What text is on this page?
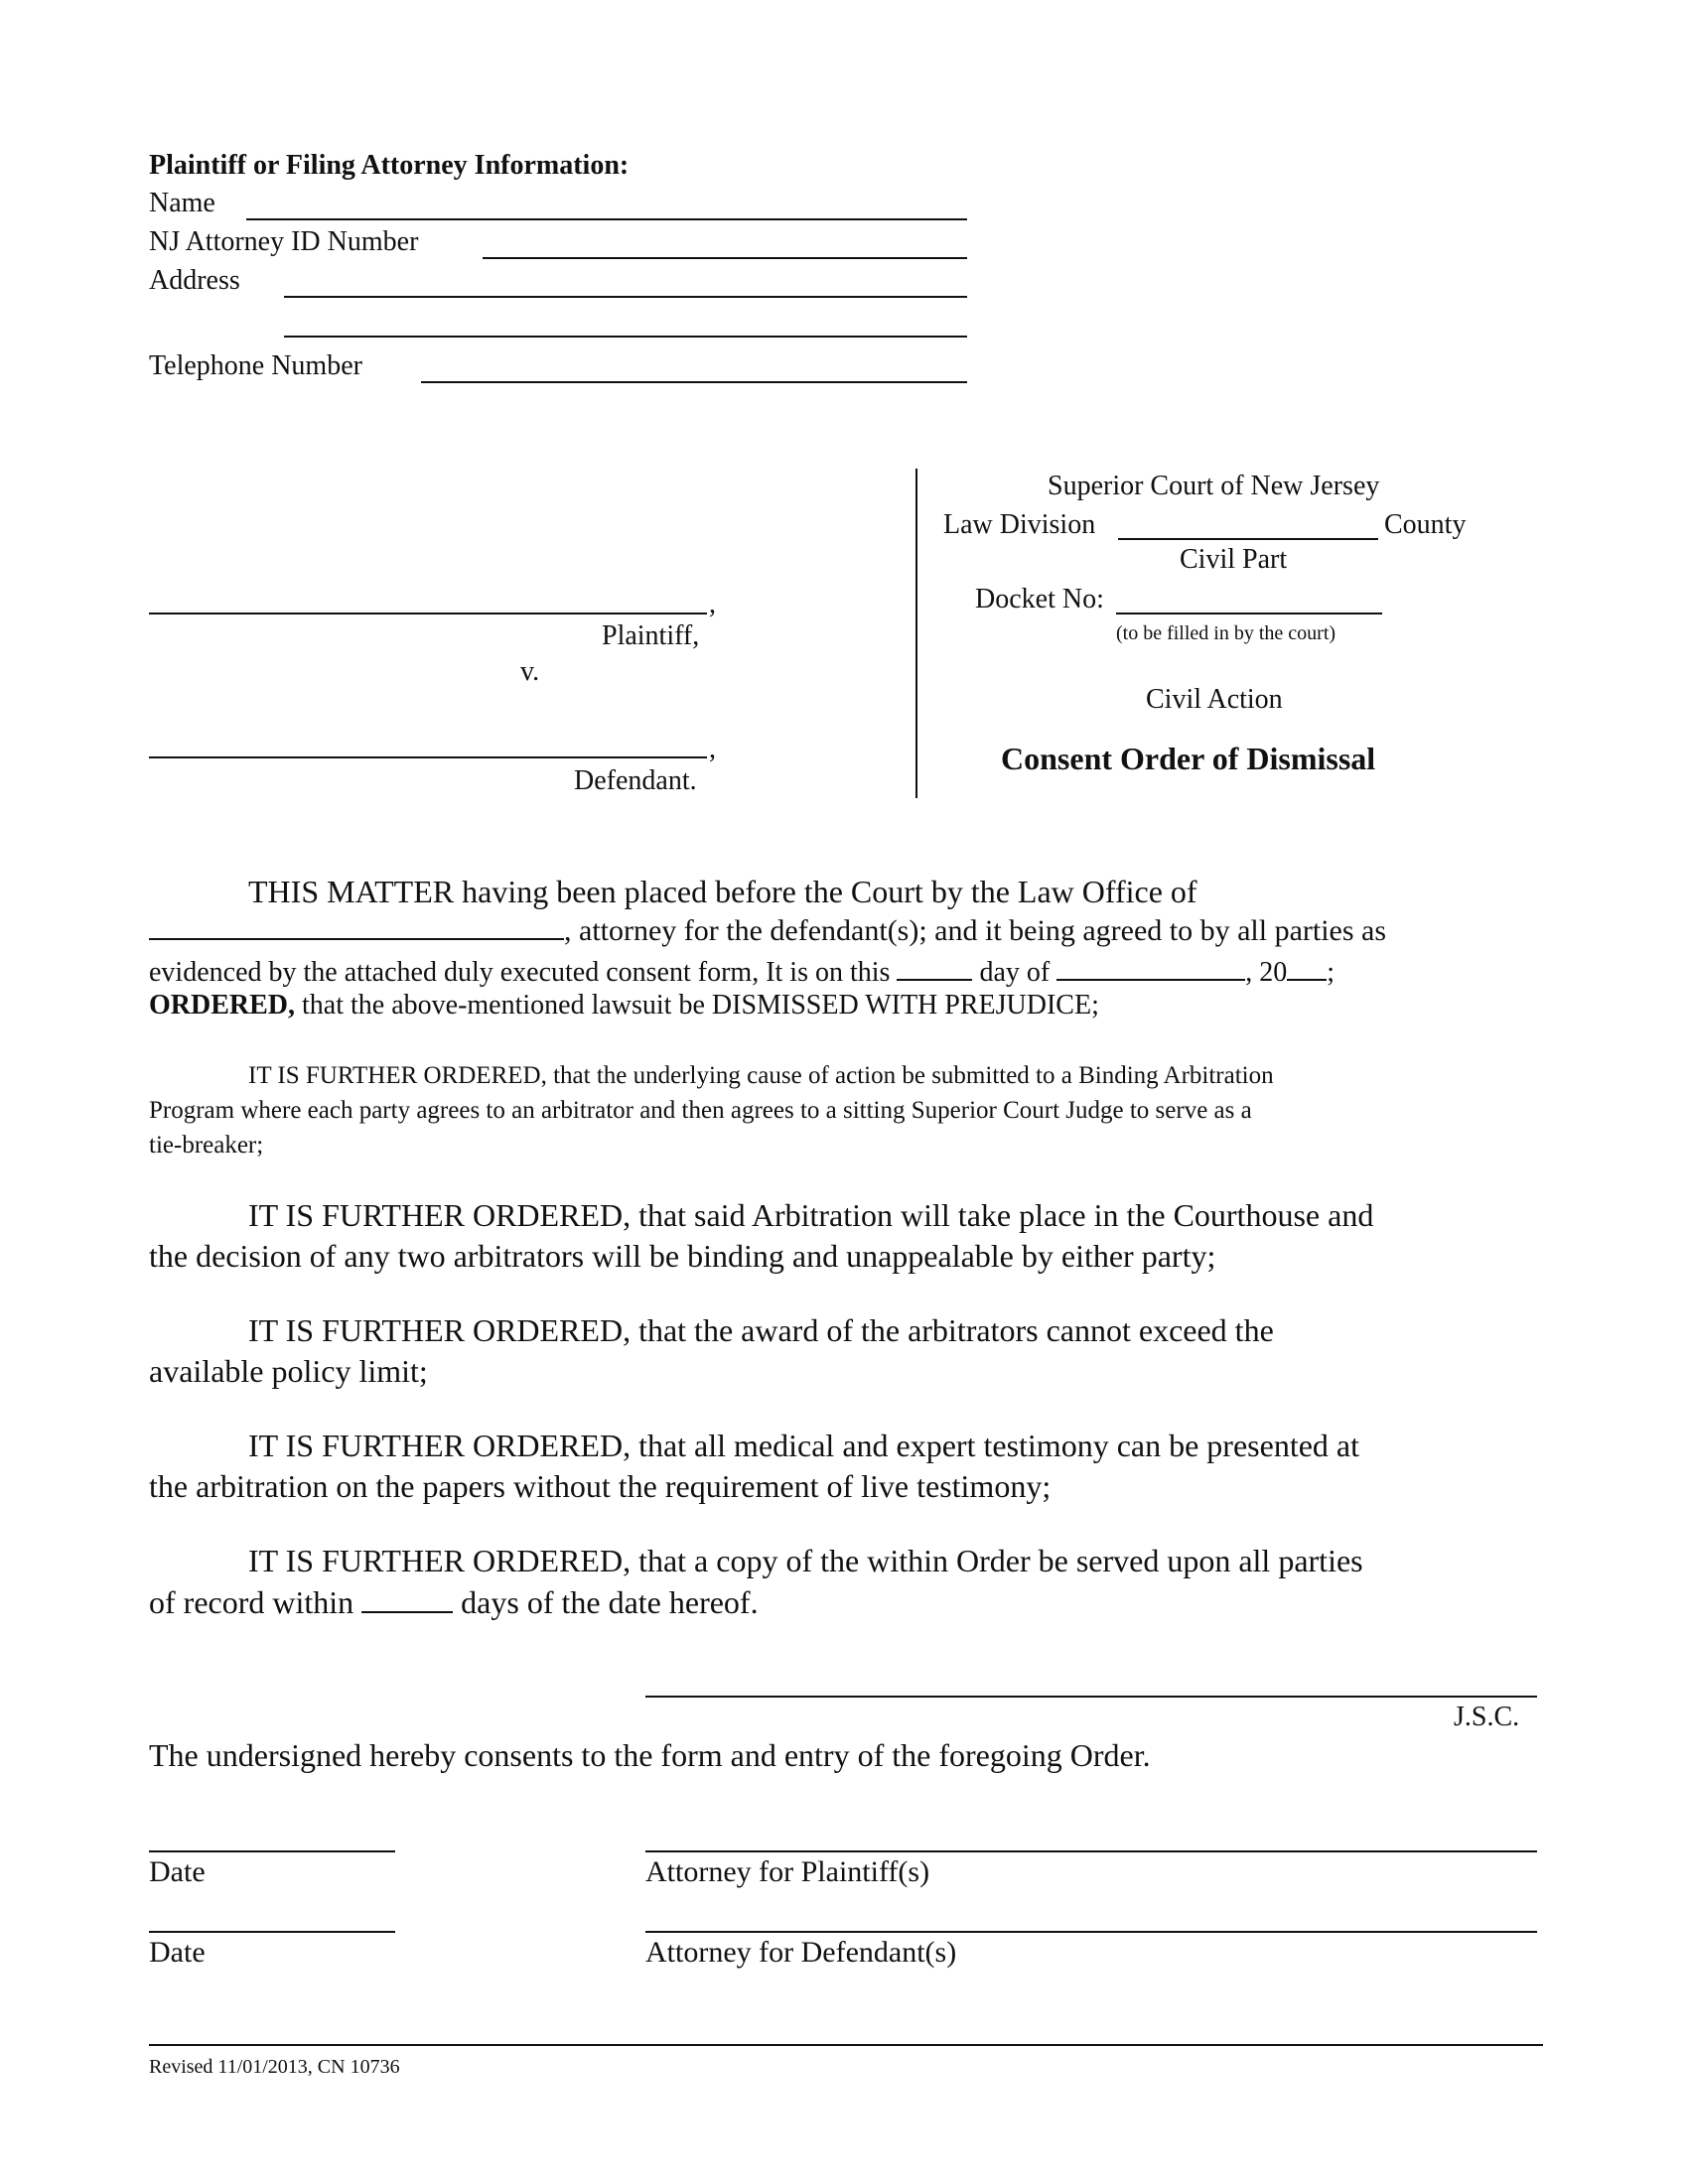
Plaintiff or Filing Attorney Information:
Name
NJ Attorney ID Number
Address
Telephone Number
,
Plaintiff,
v.
,
Defendant.
Superior Court of New Jersey
Law Division	County
Civil Part
Docket No:
(to be filled in by the court)
Civil Action
Consent Order of Dismissal
THIS MATTER having been placed before the Court by the Law Office of
, attorney for the defendant(s); and it being agreed to by all parties as
evidenced by the attached duly executed consent form, It is on this	day of	, 20 ;
ORDERED, that the above-mentioned lawsuit be DISMISSED WITH PREJUDICE;
IT IS FURTHER ORDERED, that the underlying cause of action be submitted to a Binding Arbitration
Program where each party agrees to an arbitrator and then agrees to a sitting Superior Court Judge to serve as a
tie-breaker;
IT IS FURTHER ORDERED, that said Arbitration will take place in the Courthouse and
the decision of any two arbitrators will be binding and unappealable by either party;
IT IS FURTHER ORDERED, that the award of the arbitrators cannot exceed the
available policy limit;
IT IS FURTHER ORDERED, that all medical and expert testimony can be presented at
the arbitration on the papers without the requirement of live testimony;
IT IS FURTHER ORDERED, that a copy of the within Order be served upon all parties
of record within	days of the date hereof.
J.S.C.
The undersigned hereby consents to the form and entry of the foregoing Order.
Date	Attorney for Plaintiff(s)
Date	Attorney for Defendant(s)
Revised 11/01/2013, CN 10736
